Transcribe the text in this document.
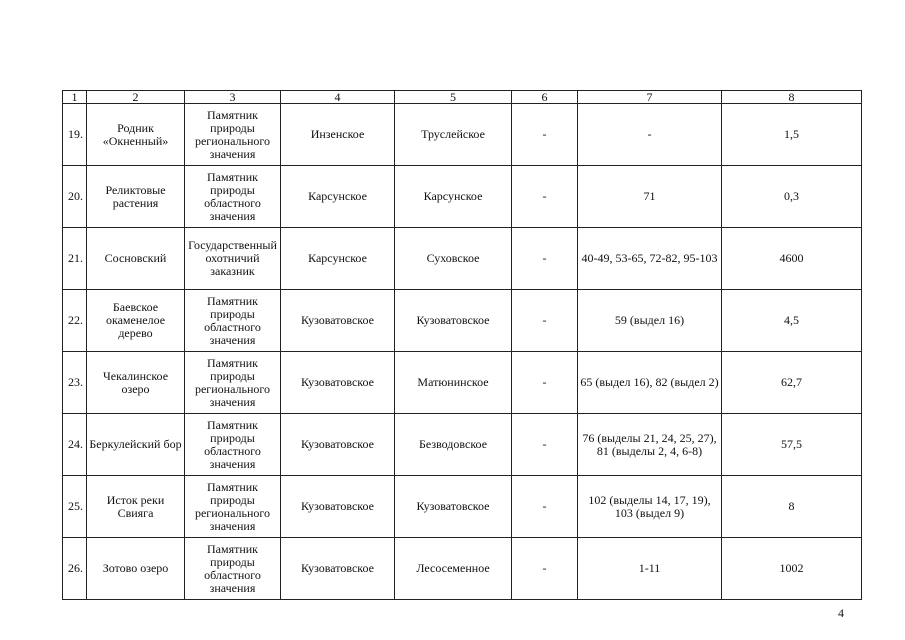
1	2	3	4	5	6	7	8
19.	Родник «Окненный»	Памятник природы регионального значения	Инзенское	Труслейское	-	-	1,5
20.	Реликтовые растения	Памятник природы областного значения	Карсунское	Карсунское	-	71	0,3
21.	Сосновский	Государственный охотничий заказник	Карсунское	Суховское	-	40-49, 53-65, 72-82, 95-103	4600
22.	Баевское окаменелое дерево	Памятник природы областного значения	Кузоватовское	Кузоватовское	-	59 (выдел 16)	4,5
23.	Чекалинское озеро	Памятник природы регионального значения	Кузоватовское	Матюнинское	-	65 (выдел 16), 82 (выдел 2)	62,7
24.	Беркулейский бор	Памятник природы областного значения	Кузоватовское	Безводовское	-	76 (выделы 21, 24, 25, 27), 81 (выделы 2, 4, 6-8)	57,5
25.	Исток реки Свияга	Памятник природы регионального значения	Кузоватовское	Кузоватовское	-	102 (выделы 14, 17, 19), 103 (выдел 9)	8
26.	Зотово озеро	Памятник природы областного значения	Кузоватовское	Лесосеменное	-	1-11	1002
4
